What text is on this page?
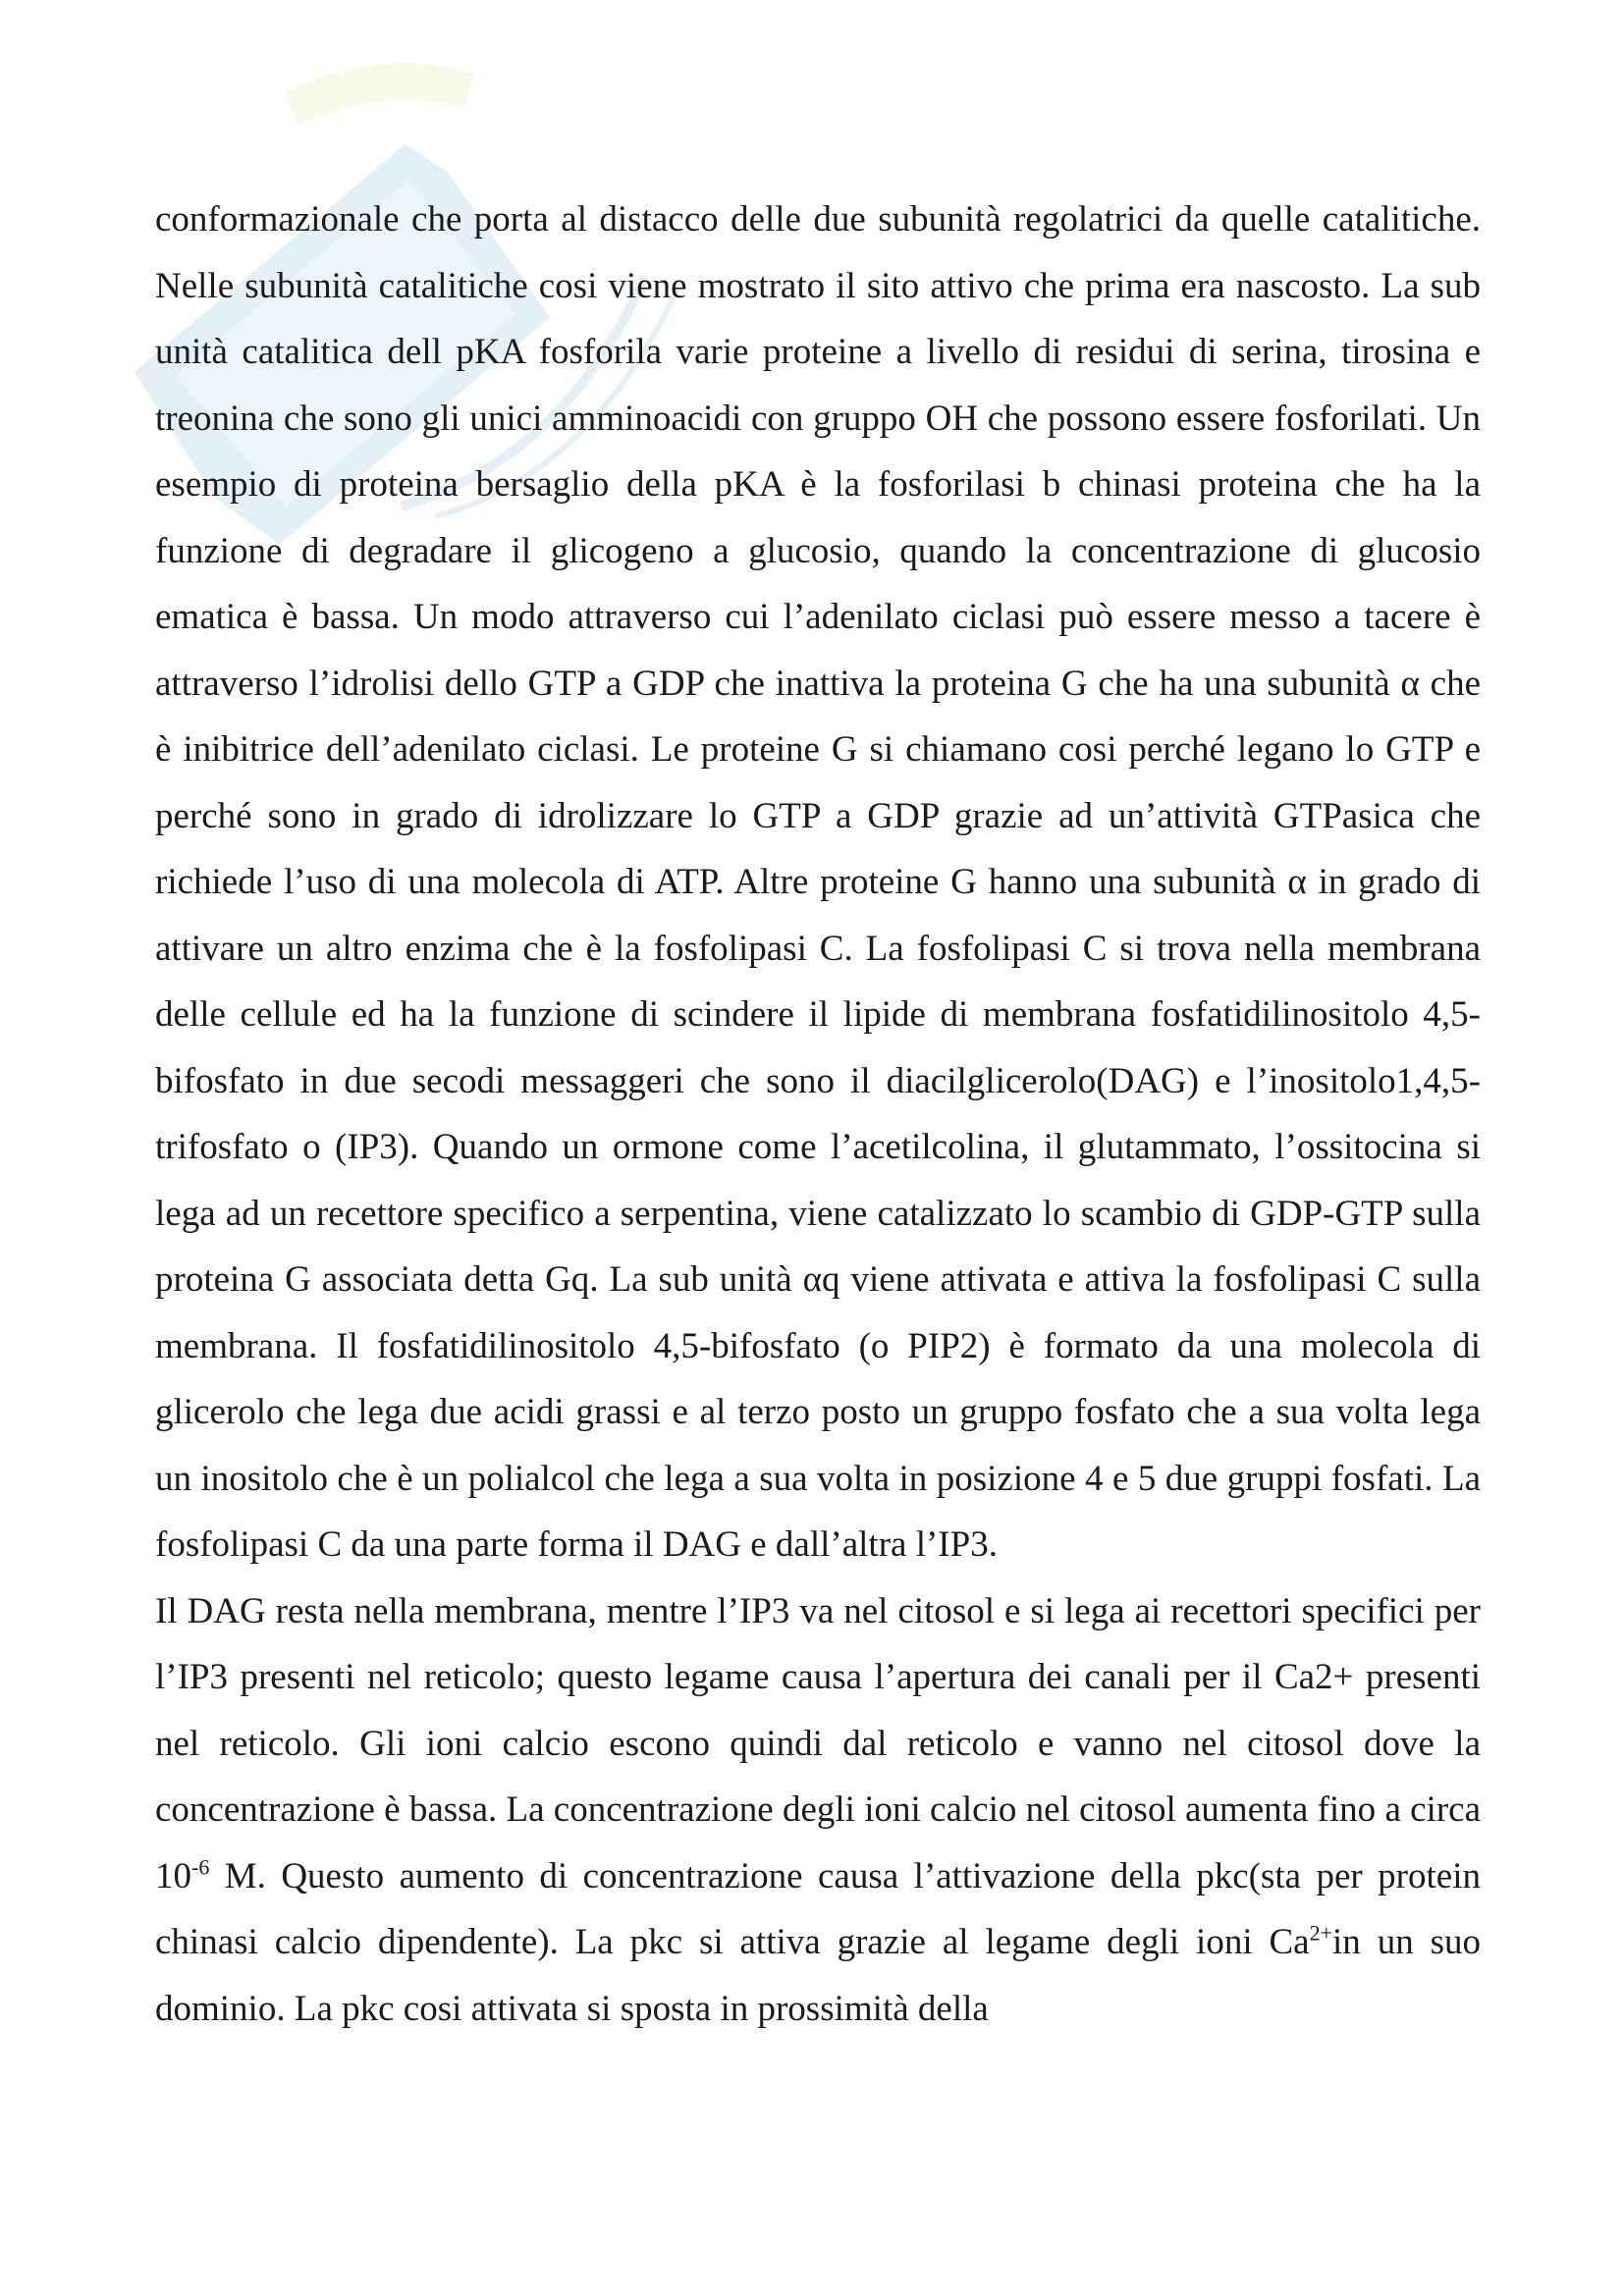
conformazionale che porta al distacco delle due subunità regolatrici da quelle catalitiche. Nelle subunità catalitiche cosi viene mostrato il sito attivo che prima era nascosto. La sub unità catalitica dell pKA fosforila varie proteine a livello di residui di serina, tirosina e treonina che sono gli unici amminoacidi con gruppo OH che possono essere fosforilati. Un esempio di proteina bersaglio della pKA è la fosforilasi b chinasi proteina che ha la funzione di degradare il glicogeno a glucosio, quando la concentrazione di glucosio ematica è bassa. Un modo attraverso cui l’adenilato ciclasi può essere messo a tacere è attraverso l’idrolisi dello GTP a GDP che inattiva la proteina G che ha una subunità α che è inibitrice dell’adenilato ciclasi. Le proteine G si chiamano cosi perché legano lo GTP e perché sono in grado di idrolizzare lo GTP a GDP grazie ad un’attività GTPasica che richiede l’uso di una molecola di ATP. Altre proteine G hanno una subunità α in grado di attivare un altro enzima che è la fosfolipasi C. La fosfolipasi C si trova nella membrana delle cellule ed ha la funzione di scindere il lipide di membrana fosfatidilinositolo 4,5-bifosfato in due secodi messaggeri che sono il diacilglicerolo(DAG) e l’inositolo1,4,5-trifosfato o (IP3). Quando un ormone come l’acetilcolina, il glutammato, l’ossitocina si lega ad un recettore specifico a serpentina, viene catalizzato lo scambio di GDP-GTP sulla proteina G associata detta Gq. La sub unità αq viene attivata e attiva la fosfolipasi C sulla membrana. Il fosfatidilinositolo 4,5-bifosfato (o PIP2) è formato da una molecola di glicerolo che lega due acidi grassi e al terzo posto un gruppo fosfato che a sua volta lega un inositolo che è un polialcol che lega a sua volta in posizione 4 e 5 due gruppi fosfati. La fosfolipasi C da una parte forma il DAG e dall’altra l’IP3.

Il DAG resta nella membrana, mentre l’IP3 va nel citosol e si lega ai recettori specifici per l’IP3 presenti nel reticolo; questo legame causa l’apertura dei canali per il Ca2+ presenti nel reticolo. Gli ioni calcio escono quindi dal reticolo e vanno nel citosol dove la concentrazione è bassa. La concentrazione degli ioni calcio nel citosol aumenta fino a circa $10^{-6}$ M. Questo aumento di concentrazione causa l’attivazione della pkc(sta per protein chinasi calcio dipendente). La pkc si attiva grazie al legame degli ioni $Ca^{2+}in$ un suo dominio. La pkc cosi attivata si sposta in prossimità della
